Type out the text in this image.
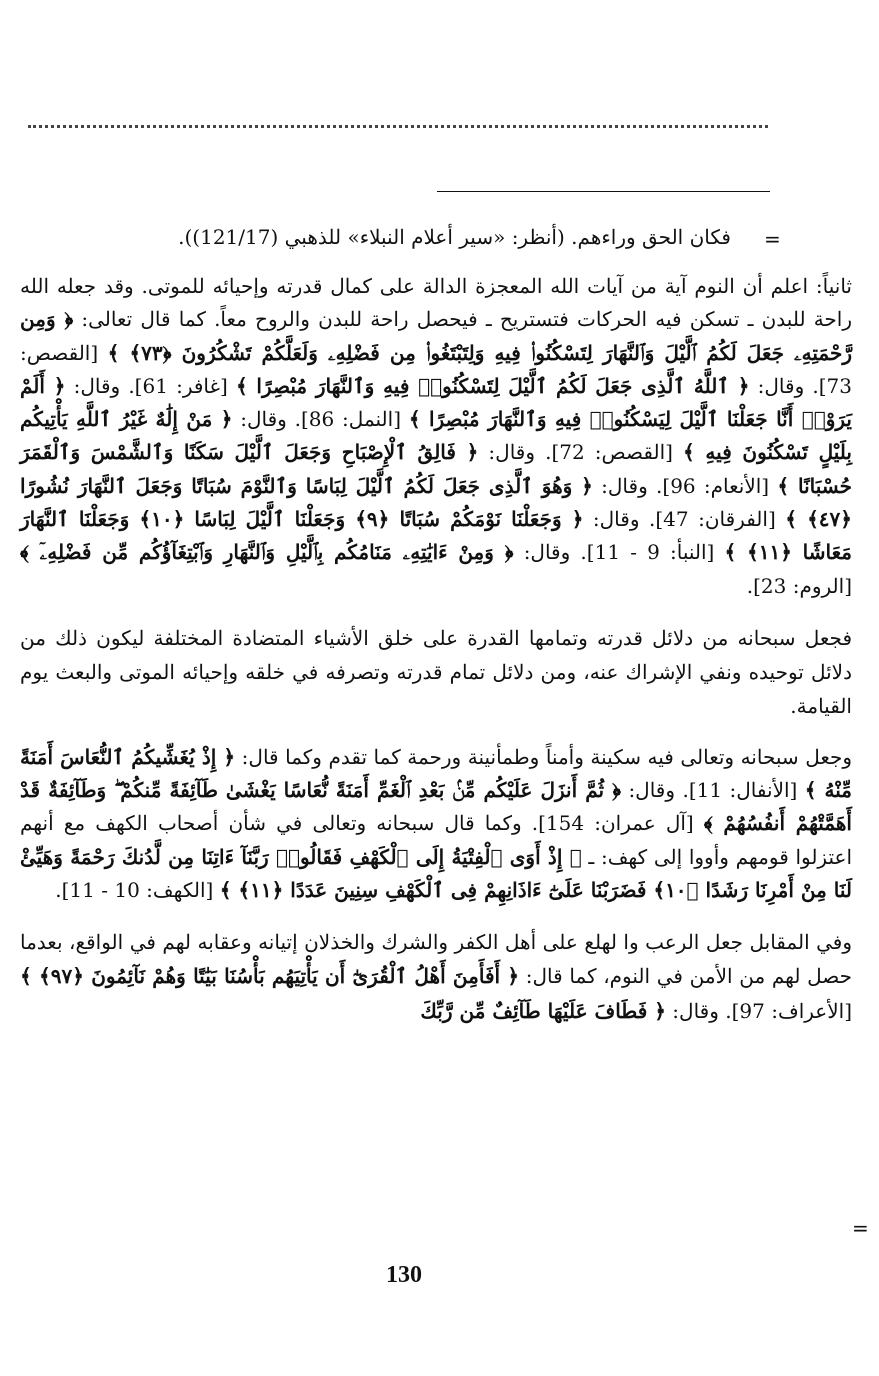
=
فكان الحق وراءهم. (أنظر: «سير أعلام النبلاء» للذهبي (121/17)).

ثانياً: اعلم أن النوم آية من آيات الله المعجزة الدالة على كمال قدرته وإحيائه للموتى. وقد جعله الله راحة للبدن ـ تسكن فيه الحركات فتستريح ـ فيحصل راحة للبدن والروح معاً. كما قال تعالى: ﴿ وَمِن رَّحْمَتِهِۦ جَعَلَ لَكُمُ ٱلَّيْلَ وَٱلنَّهَارَ لِتَسْكُنُوا۟ فِيهِ وَلِتَبْتَغُوا۟ مِن فَضْلِهِۦ وَلَعَلَّكُمْ تَشْكُرُونَ ﴿٧٣﴾ ﴾ [القصص: 73]. وقال: ﴿ ٱللَّهُ ٱلَّذِى جَعَلَ لَكُمُ ٱلَّيْلَ لِتَسْكُنُوا۟ فِيهِ وَٱلنَّهَارَ مُبْصِرًا ﴾ [غافر: 61]. وقال: ﴿ أَلَمْ يَرَوْا۟ أَنَّا جَعَلْنَا ٱلَّيْلَ لِيَسْكُنُوا۟ فِيهِ وَٱلنَّهَارَ مُبْصِرًا ﴾ [النمل: 86]. وقال: ﴿ مَنْ إِلَٰهٌ غَيْرُ ٱللَّهِ يَأْتِيكُم بِلَيْلٍ تَسْكُنُونَ فِيهِ ﴾ [القصص: 72]. وقال: ﴿ فَالِقُ ٱلْإِصْبَاحِ وَجَعَلَ ٱلَّيْلَ سَكَنًا وَٱلشَّمْسَ وَٱلْقَمَرَ حُسْبَانًا ﴾ [الأنعام: 96]. وقال: ﴿ وَهُوَ ٱلَّذِى جَعَلَ لَكُمُ ٱلَّيْلَ لِبَاسًا وَٱلنَّوْمَ سُبَاتًا وَجَعَلَ ٱلنَّهَارَ نُشُورًا ﴿٤٧﴾ ﴾ [الفرقان: 47]. وقال: ﴿ وَجَعَلْنَا نَوْمَكُمْ سُبَاتًا ﴿٩﴾ وَجَعَلْنَا ٱلَّيْلَ لِبَاسًا ﴿١٠﴾ وَجَعَلْنَا ٱلنَّهَارَ مَعَاشًا ﴿١١﴾ ﴾ [النبأ: 9 - 11]. وقال: ﴿ وَمِنْ ءَايَٰتِهِۦ مَنَامُكُم بِٱلَّيْلِ وَٱلنَّهَارِ وَٱبْتِغَآؤُكُم مِّن فَضْلِهِۦٓ ﴾ [الروم: 23].

فجعل سبحانه من دلائل قدرته وتمامها القدرة على خلق الأشياء المتضادة المختلفة ليكون ذلك من دلائل توحيده ونفي الإشراك عنه، ومن دلائل تمام قدرته وتصرفه في خلقه وإحيائه الموتى والبعث يوم القيامة.

وجعل سبحانه وتعالى فيه سكينة وأمناً وطمأنينة ورحمة كما تقدم وكما قال: ﴿ إِذْ يُغَشِّيكُمُ ٱلنُّعَاسَ أَمَنَةً مِّنْهُ ﴾ [الأنفال: 11]. وقال: ﴿ ثُمَّ أَنزَلَ عَلَيْكُم مِّنۢ بَعْدِ ٱلْغَمِّ أَمَنَةً نُّعَاسًا يَغْشَىٰ طَآئِفَةً مِّنكُمْ ۖ وَطَآئِفَةٌ قَدْ أَهَمَّتْهُمْ أَنفُسُهُمْ ﴾ [آل عمران: 154]. وكما قال سبحانه وتعالى في شأن أصحاب الكهف مع أنهم اعتزلوا قومهم وأووا إلى كهف: ـ ﴿ إِذْ أَوَى ٱلْفِتْيَةُ إِلَى ٱلْكَهْفِ فَقَالُوا۟ رَبَّنَآ ءَاتِنَا مِن لَّدُنكَ رَحْمَةً وَهَيِّئْ لَنَا مِنْ أَمْرِنَا رَشَدًا ﴿١٠﴾ فَضَرَبْنَا عَلَىٰٓ ءَاذَانِهِمْ فِى ٱلْكَهْفِ سِنِينَ عَدَدًا ﴿١١﴾ ﴾ [الكهف: 10 - 11].

وفي المقابل جعل الرعب وا لهلع على أهل الكفر والشرك والخذلان إتيانه وعقابه لهم في الواقع، بعدما حصل لهم من الأمن في النوم، كما قال: ﴿ أَفَأَمِنَ أَهْلُ ٱلْقُرَىٰٓ أَن يَأْتِيَهُم بَأْسُنَا بَيَٰتًا وَهُمْ نَآئِمُونَ ﴿٩٧﴾ ﴾ [الأعراف: 97]. وقال: ﴿ فَطَافَ عَلَيْهَا طَآئِفٌ مِّن رَّبِّكَ

=
130
